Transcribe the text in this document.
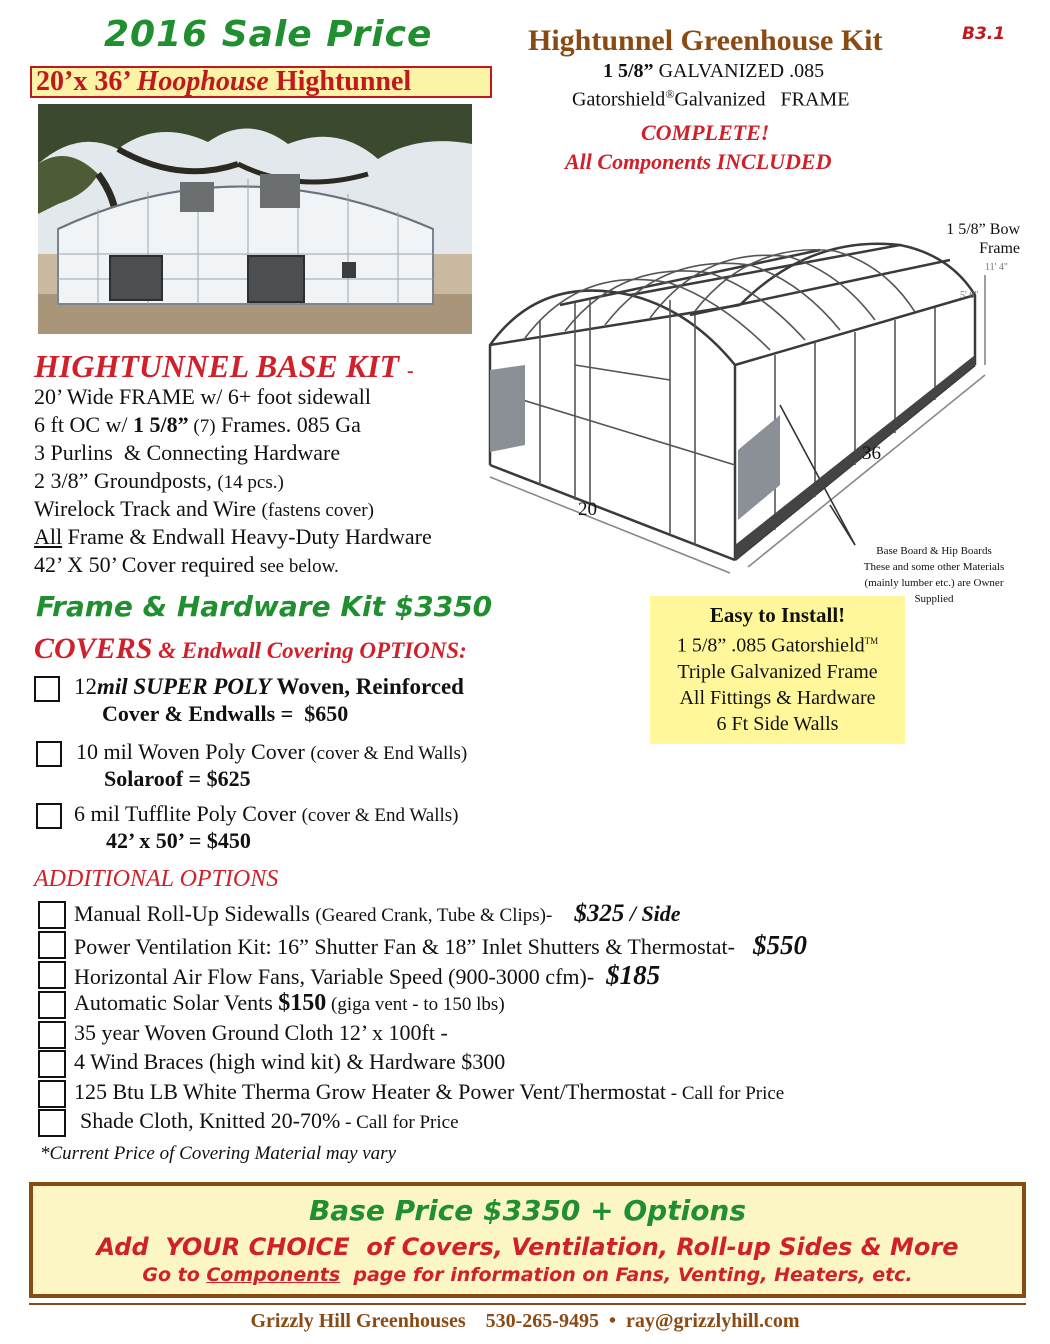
2016 Sale Price
20’x 36’ Hoophouse Hightunnel
Hightunnel Greenhouse Kit	B3.1
1 5/8” GALVANIZED .085
Gatorshield®Galvanized   FRAME
COMPLETE!
All Components INCLUDED
1 5/8” Bow
Frame
11' 4"
5' 6"
36
20
Base Board & Hip Boards
These and some other Materials
(mainly lumber etc.) are Owner
Supplied
HIGHTUNNEL BASE KIT -
20’ Wide FRAME w/ 6+ foot sidewall
6 ft OC w/ 1 5/8” (7) Frames. 085 Ga
3 Purlins  & Connecting Hardware
2 3/8” Groundposts, (14 pcs.)
Wirelock Track and Wire (fastens cover)
All Frame & Endwall Heavy-Duty Hardware
42’ X 50’ Cover required see below.
Frame & Hardware Kit $3350	Easy to Install!
1 5/8” .085 Gatorshield™
Triple Galvanized Frame
All Fittings & Hardware
6 Ft Side Walls
COVERS & Endwall Covering OPTIONS:
12mil SUPER POLY Woven, Reinforced
Cover & Endwalls =  $650
10 mil Woven Poly Cover (cover & End Walls)
Solaroof = $625
6 mil Tufflite Poly Cover (cover & End Walls)
42’ x 50’ = $450
ADDITIONAL OPTIONS
Manual Roll-Up Sidewalls (Geared Crank, Tube & Clips)- $325 / Side
Power Ventilation Kit: 16” Shutter Fan & 18” Inlet Shutters & Thermostat- $550
Horizontal Air Flow Fans, Variable Speed (900-3000 cfm)- $185
Automatic Solar Vents $150 (giga vent - to 150 lbs)
35 year Woven Ground Cloth 12’ x 100ft -
4 Wind Braces (high wind kit) & Hardware $300
125 Btu LB White Therma Grow Heater & Power Vent/Thermostat - Call for Price
Shade Cloth, Knitted 20-70% - Call for Price
*Current Price of Covering Material may vary
Base Price $3350 + Options
Add  YOUR CHOICE  of Covers, Ventilation, Roll-up Sides & More
Go to Components  page for information on Fans, Venting, Heaters, etc.
Grizzly Hill Greenhouses 530-265-9495 • ray@grizzlyhill.com
